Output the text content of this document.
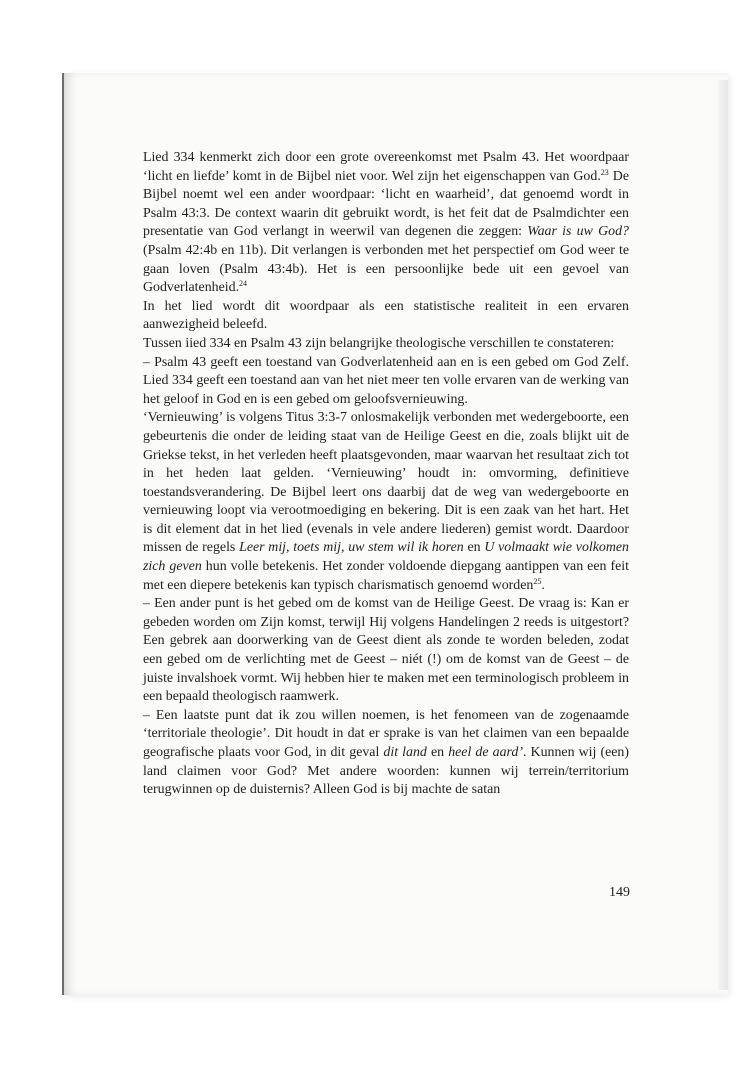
Lied 334 kenmerkt zich door een grote overeenkomst met Psalm 43. Het woordpaar ‘licht en liefde’ komt in de Bijbel niet voor. Wel zijn het eigenschappen van God.$^{23}$ De Bijbel noemt wel een ander woordpaar: ‘licht en waarheid’, dat genoemd wordt in Psalm 43:3. De context waarin dit gebruikt wordt, is het feit dat de Psalmdichter een presentatie van God verlangt in weerwil van degenen die zeggen: Waar is uw God? (Psalm 42:4b en 11b). Dit verlangen is verbonden met het perspectief om God weer te gaan loven (Psalm 43:4b). Het is een persoonlijke bede uit een gevoel van Godverlatenheid.$^{24}$

In het lied wordt dit woordpaar als een statistische realiteit in een ervaren aanwezigheid beleefd.

Tussen iied 334 en Psalm 43 zijn belangrijke theologische verschillen te constateren:

– Psalm 43 geeft een toestand van Godverlatenheid aan en is een gebed om God Zelf. Lied 334 geeft een toestand aan van het niet meer ten volle ervaren van de werking van het geloof in God en is een gebed om geloofsvernieuwing.

‘Vernieuwing’ is volgens Titus 3:3-7 onlosmakelijk verbonden met wedergeboorte, een gebeurtenis die onder de leiding staat van de Heilige Geest en die, zoals blijkt uit de Griekse tekst, in het verleden heeft plaatsgevonden, maar waarvan het resultaat zich tot in het heden laat gelden. ‘Vernieuwing’ houdt in: omvorming, definitieve toestandsverandering. De Bijbel leert ons daarbij dat de weg van wedergeboorte en vernieuwing loopt via verootmoediging en bekering. Dit is een zaak van het hart. Het is dit element dat in het lied (evenals in vele andere liederen) gemist wordt. Daardoor missen de regels Leer mij, toets mij, uw stem wil ik horen en U volmaakt wie volkomen zich geven hun volle betekenis. Het zonder voldoende diepgang aantippen van een feit met een diepere betekenis kan typisch charismatisch genoemd worden$^{25}$.

– Een ander punt is het gebed om de komst van de Heilige Geest. De vraag is: Kan er gebeden worden om Zijn komst, terwijl Hij volgens Handelingen 2 reeds is uitgestort? Een gebrek aan doorwerking van de Geest dient als zonde te worden beleden, zodat een gebed om de verlichting met de Geest – niét (!) om de komst van de Geest – de juiste invalshoek vormt. Wij hebben hier te maken met een terminologisch probleem in een bepaald theologisch raamwerk.

– Een laatste punt dat ik zou willen noemen, is het fenomeen van de zogenaamde ‘territoriale theologie’. Dit houdt in dat er sprake is van het claimen van een bepaalde geografische plaats voor God, in dit geval dit land en heel de aard’. Kunnen wij (een) land claimen voor God? Met andere woorden: kunnen wij terrein/territorium terugwinnen op de duisternis? Alleen God is bij machte de satan

149
